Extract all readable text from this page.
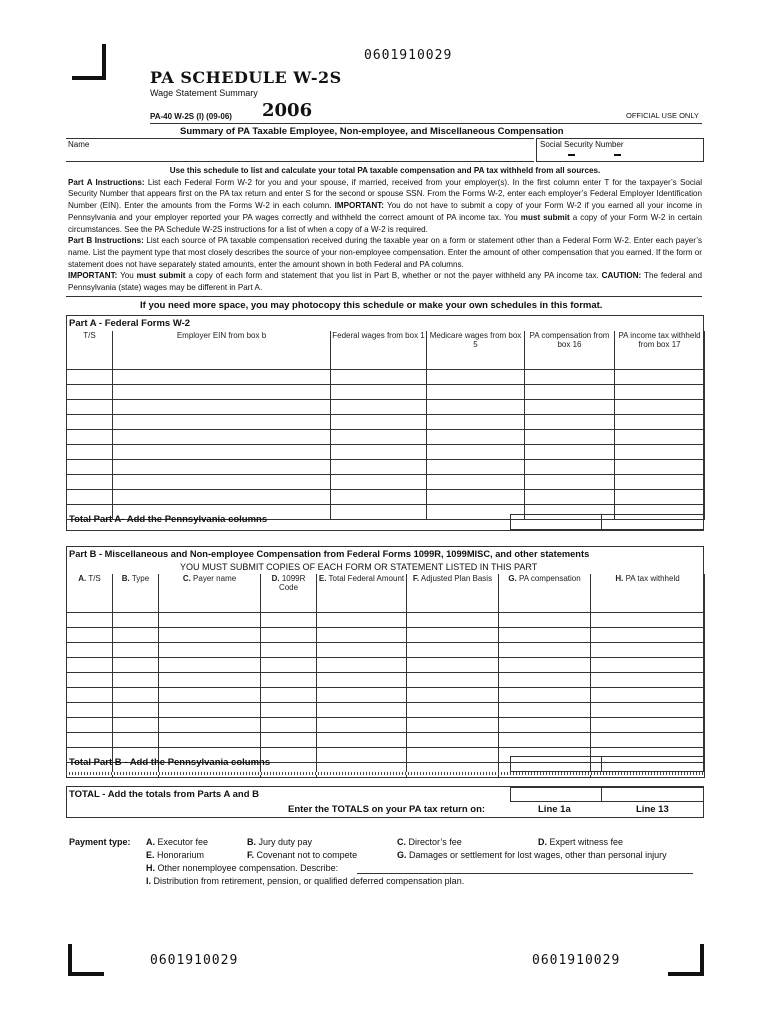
0601910029
0601910029	0601910029
PA SCHEDULE W-2S
Wage Statement Summary
PA-40 W-2S (I) (09-06) 2006	OFFICIAL USE ONLY
Summary of PA Taxable Employee, Non-employee, and Miscellaneous Compensation
Name	Social Security Number
Use this schedule to list and calculate your total PA taxable compensation and PA tax withheld from all sources.
Part A Instructions: List each Federal Form W-2 for you and your spouse, if married, received from your employer(s). In the first column enter T for the taxpayer’s Social Security Number that appears first on the PA tax return and enter S for the second or spouse SSN. From the Forms W-2, enter each employer’s Federal Employer Identification Number (EIN). Enter the amounts from the Forms W-2 in each column. IMPORTANT: You do not have to submit a copy of your Form W-2 if you earned all your income in Pennsylvania and your employer reported your PA wages correctly and withheld the correct amount of PA income tax. You must submit a copy of your Form W-2 in certain circumstances. See the PA Schedule W-2S instructions for a list of when a copy of a W-2 is required.
Part B Instructions: List each source of PA taxable compensation received during the taxable year on a form or statement other than a Federal Form W-2. Enter each payer’s name. List the payment type that most closely describes the source of your non-employee compensation. Enter the amount of other compensation that you earned. If the form or statement does not have separately stated amounts, enter the amount shown in both Federal and PA columns.
IMPORTANT: You must submit a copy of each form and statement that you list in Part B, whether or not the payer withheld any PA income tax. CAUTION: The federal and Pennsylvania (state) wages may be different in Part A.
If you need more space, you may photocopy this schedule or make your own schedules in this format.
Part A - Federal Forms W-2
T/S	Employer EIN from box b	Federal wages from box 1	Medicare wages from box 5	PA compensation from box 16	PA income tax withheld from box 17

Total Part A- Add the Pennsylvania columns
Part B - Miscellaneous and Non-employee Compensation from Federal Forms 1099R, 1099MISC, and other statements
YOU MUST SUBMIT COPIES OF EACH FORM OR STATEMENT LISTED IN THIS PART
A. T/S	B. Type	C. Payer name	D. 1099R Code	E. Total Federal Amount	F. Adjusted Plan Basis	G. PA compensation	H. PA tax withheld

Total Part B - Add the Pennsylvania columns
TOTAL - Add the totals from Parts A and B
Enter the TOTALS on your PA tax return on:	Line 1a	Line 13
Payment type: A. Executor fee	B. Jury duty pay	C. Director’s fee	D. Expert witness fee
E. Honorarium	F. Covenant not to compete	G. Damages or settlement for lost wages, other than personal injury
H. Other nonemployee compensation. Describe:
I. Distribution from retirement, pension, or qualified deferred compensation plan.
